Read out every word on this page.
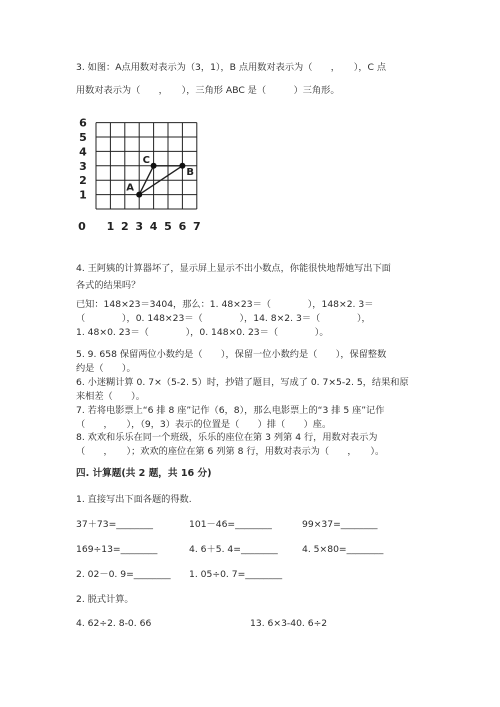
3. 如图：A点用数对表示为（3，1），B 点用数对表示为（　　，　　），C 点
用数对表示为（　　，　　），三角形 ABC 是（　　　）三角形。
0 1 2 3 4 5 6 7
1
2
3
4
5
6
A
B
C
4. 王阿姨的计算器坏了，显示屏上显示不出小数点，你能很快地帮她写出下面
各式的结果吗？
已知：148×23＝3404，那么：1. 48×23＝（　　　　），148×2. 3＝
（　　　　），0. 148×23＝（　　　　），14. 8×2. 3＝（　　　　），
1. 48×0. 23＝（　　　　），0. 148×0. 23＝（　　　　）。
5. 9. 658 保留两位小数约是（　　），保留一位小数约是（　　），保留整数
约是（　　）。
6. 小迷糊计算 0. 7×（5-2. 5）时，抄错了题目，写成了 0. 7×5-2. 5，结果和原
来相差（　　）。
7. 若将电影票上“6 排 8 座”记作（6，8），那么电影票上的“3 排 5 座”记作
（　　，　　），（9，3）表示的位置是（　　）排（　　）座。
8. 欢欢和乐乐在同一个班级，乐乐的座位在第 3 列第 4 行，用数对表示为
（　　，　　）；欢欢的座位在第 6 列第 8 行，用数对表示为（　　，　　）。
四. 计算题(共 2 题，共 16 分)
1. 直接写出下面各题的得数.
37＋73=________	101－46=________	99×37=________
169÷13=________	4. 6＋5. 4=________	4. 5×80=________
2. 02－0. 9=________ 1. 05÷0. 7=________
2. 脱式计算。
4. 62÷2. 8-0. 66	13. 6×3-40. 6÷2
